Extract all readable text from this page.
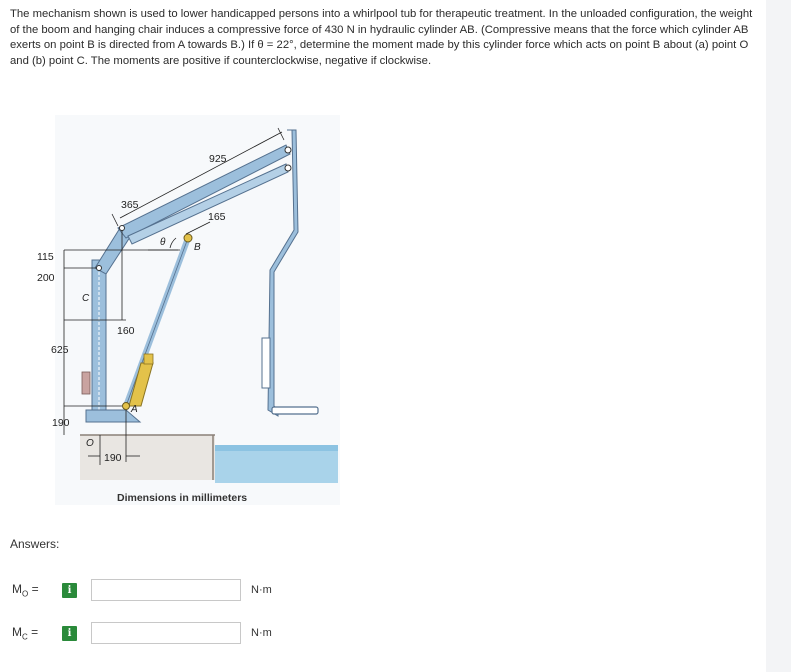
The mechanism shown is used to lower handicapped persons into a whirlpool tub for therapeutic treatment. In the unloaded configuration, the weight of the boom and hanging chair induces a compressive force of 430 N in hydraulic cylinder AB. (Compressive means that the force which cylinder AB exerts on point B is directed from A towards B.) If θ = 22°, determine the moment made by this cylinder force which acts on point B about (a) point O and (b) point C. The moments are positive if counterclockwise, negative if clockwise.
925
365
165
115
200
160
625
190
190
B
A
C
O
θ
Dimensions in millimeters
Answers:
$M_O$ =	i	N·m
$M_C$ =	i	N·m
